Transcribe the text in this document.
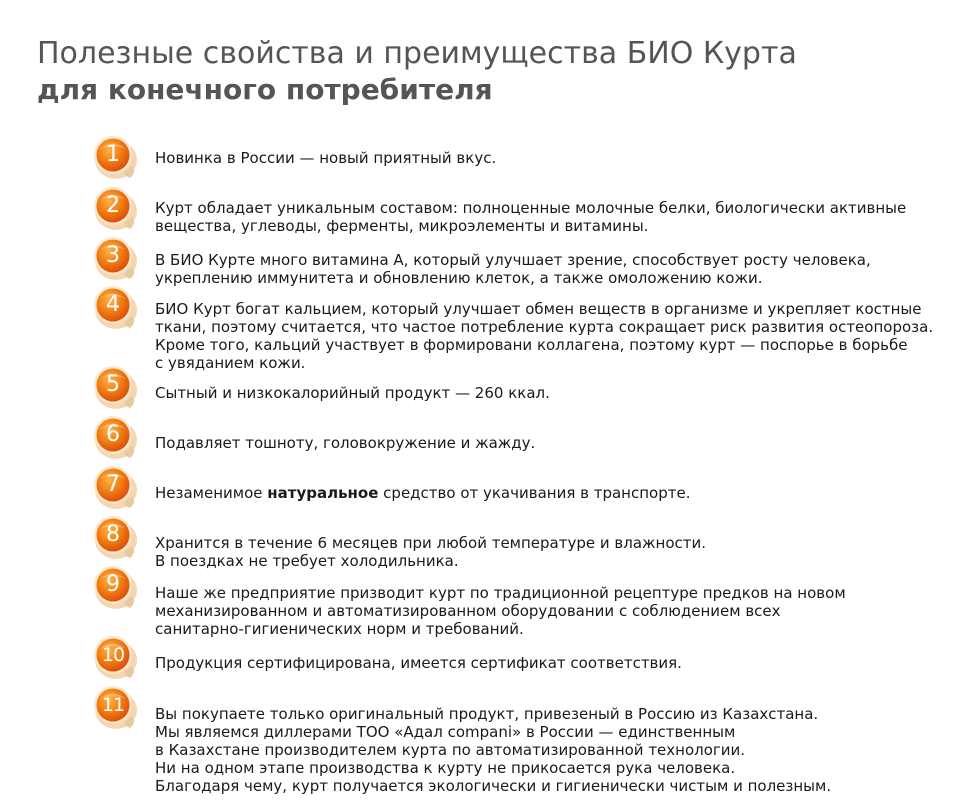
Полезные свойства и преимущества БИО Курта
для конечного потребителя
1	Новинка в России — новый приятный вкус.
2	Курт обладает уникальным составом: полноценные молочные белки, биологически активные
вещества, углеводы, ферменты, микроэлементы и витамины.
3	В БИО Курте много витамина А, который улучшает зрение, способствует росту человека,
укреплению иммунитета и обновлению клеток, а также омоложению кожи.
4	БИО Курт богат кальцием, который улучшает обмен веществ в организме и укрепляет костные
ткани, поэтому считается, что частое потребление курта сокращает риск развития остеопороза.
Кроме того, кальций участвует в формировани коллагена, поэтому курт — поспорье в борьбе
с увяданием кожи.
5	Сытный и низкокалорийный продукт — 260 ккал.
6	Подавляет тошноту, головокружение и жажду.
7	Незаменимое натуральное средство от укачивания в транспорте.
8	Хранится в течение 6 месяцев при любой температуре и влажности.
В поездках не требует холодильника.
9	Наше же предприятие призводит курт по традиционной рецептуре предков на новом
механизированном и автоматизированном оборудовании с соблюдением всех
санитарно-гигиенических норм и требований.
10	Продукция сертифицирована, имеется сертификат соответствия.
11	Вы покупаете только оригинальный продукт, привезеный в Россию из Казахстана.
Мы являемся диллерами ТОО «Адал compani» в России — единственным
в Казахстане производителем курта по автоматизированной технологии.
Ни на одном этапе производства к курту не прикосается рука человека.
Благодаря чему, курт получается экологически и гигиенически чистым и полезным.
